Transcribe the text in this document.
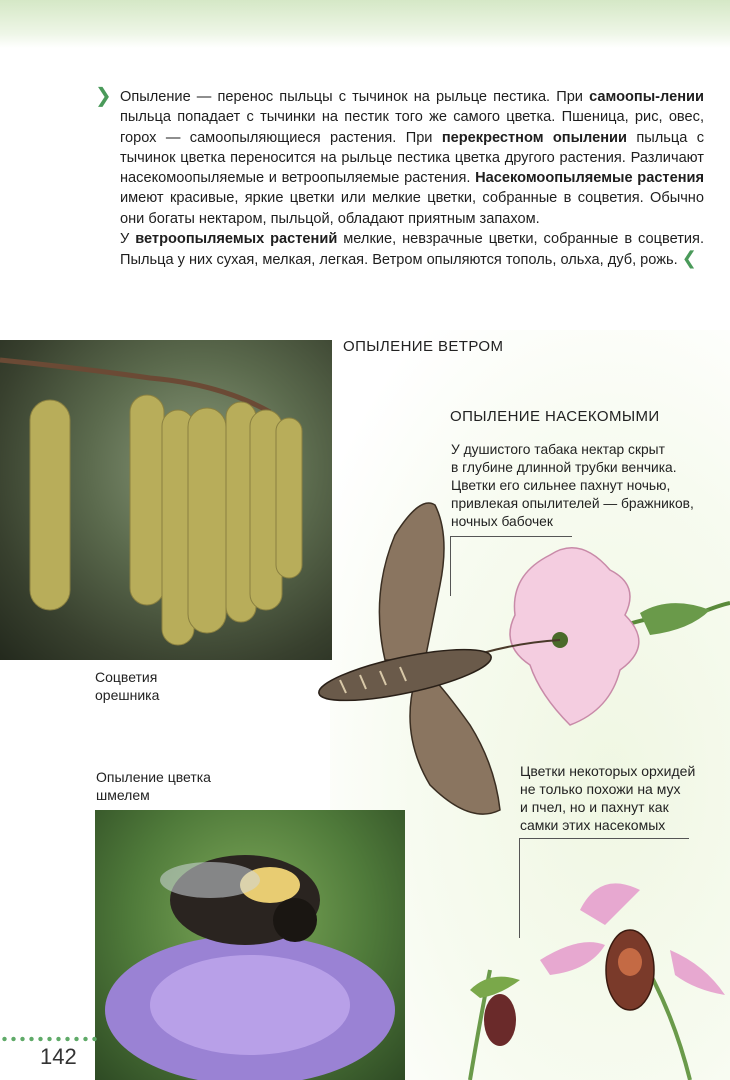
❯ Опыление — перенос пыльцы с тычинок на рыльце пестика. При самоопы-лении пыльца попадает с тычинки на пестик того же самого цветка. Пшеница, рис, овес, горох — самоопыляющиеся растения. При перекрестном опылении пыльца с тычинок цветка переносится на рыльце пестика цветка другого растения. Различают насекомоопыляемые и ветроопыляемые растения. Насекомоопыляемые растения имеют красивые, яркие цветки или мелкие цветки, собранные в соцветия. Обычно они богаты нектаром, пыльцой, обладают приятным запахом.

У ветроопыляемых растений мелкие, невзрачные цветки, собранные в соцветия. Пыльца у них сухая, мелкая, легкая. Ветром опыляются тополь, ольха, дуб, рожь. ❮

ОПЫЛЕНИЕ ВЕТРОМ
Соцветия
орешника
ОПЫЛЕНИЕ НАСЕКОМЫМИ
У душистого табака нектар скрыт
в глубине длинной трубки венчика.
Цветки его сильнее пахнут ночью,
привлекая опылителей — бражников,
ночных бабочек
Цветки некоторых орхидей
не только похожи на мух
и пчел, но и пахнут как
самки этих насекомых
Опыление цветка
шмелем
142
